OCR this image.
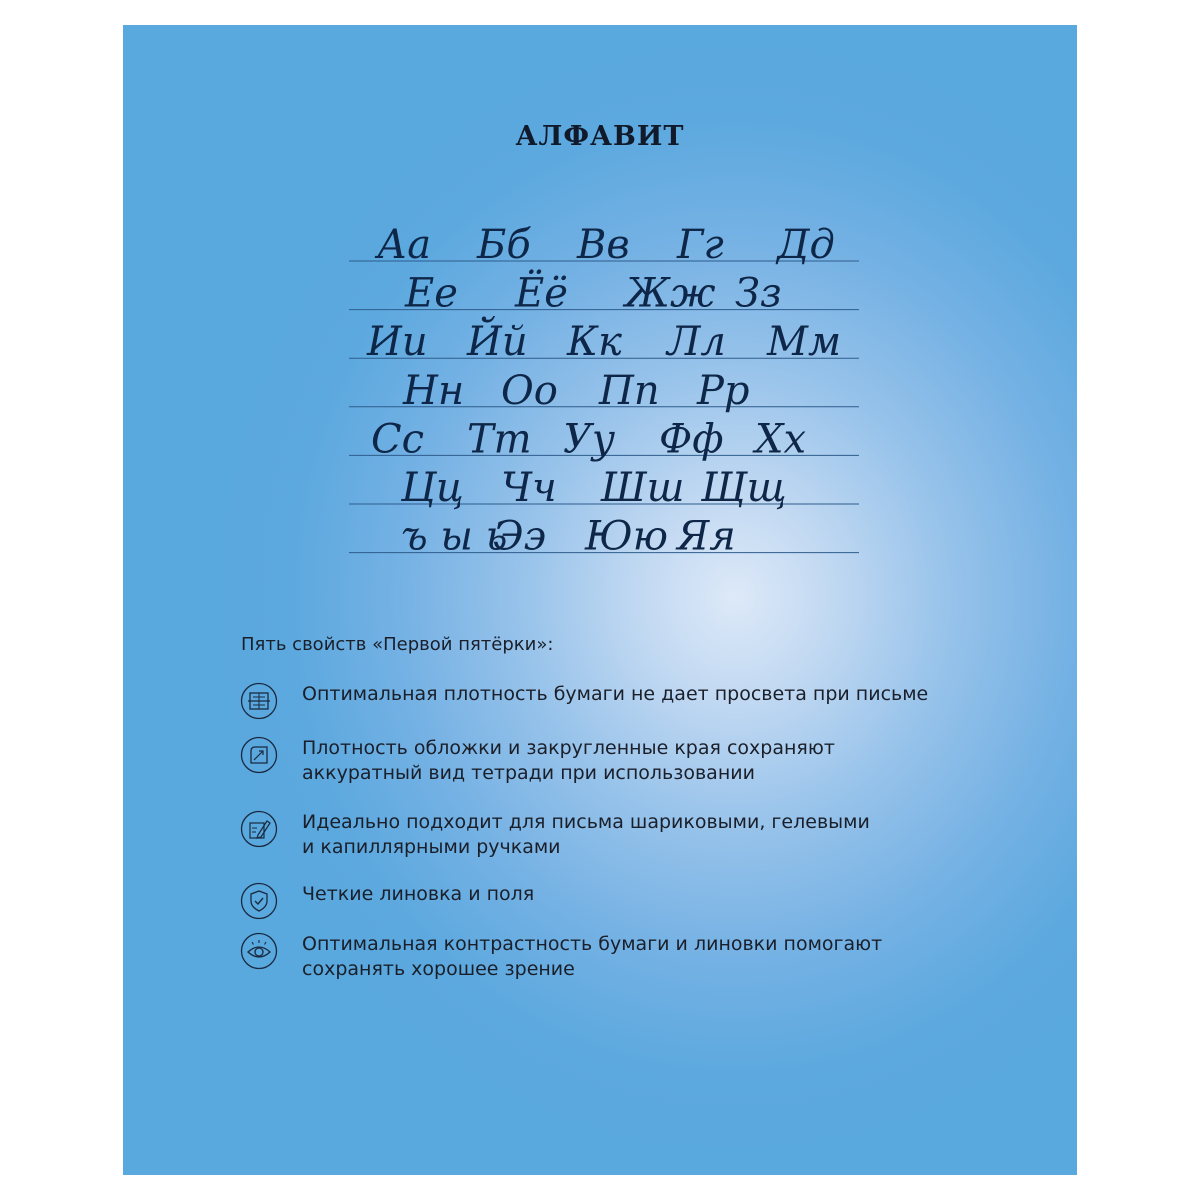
АЛФАВИТ
Аа Бб Вв Гг Дд
Ее Ёё Жж Зз
Ии Йй Кк Лл Мм
Нн Оо Пп Рр
Сс Тт Уу Фф Хх
Цц Чч Шш Щщ
ъ ы ь
Ээ Юю Яя

Пять свойств «Первой пятёрки»:

Оптимальная плотность бумаги не дает просвета при письме
Плотность обложки и закругленные края сохраняют
аккуратный вид тетради при использовании
Идеально подходит для письма шариковыми, гелевыми
и капиллярными ручками
Четкие линовка и поля
Оптимальная контрастность бумаги и линовки помогают
сохранять хорошее зрение
